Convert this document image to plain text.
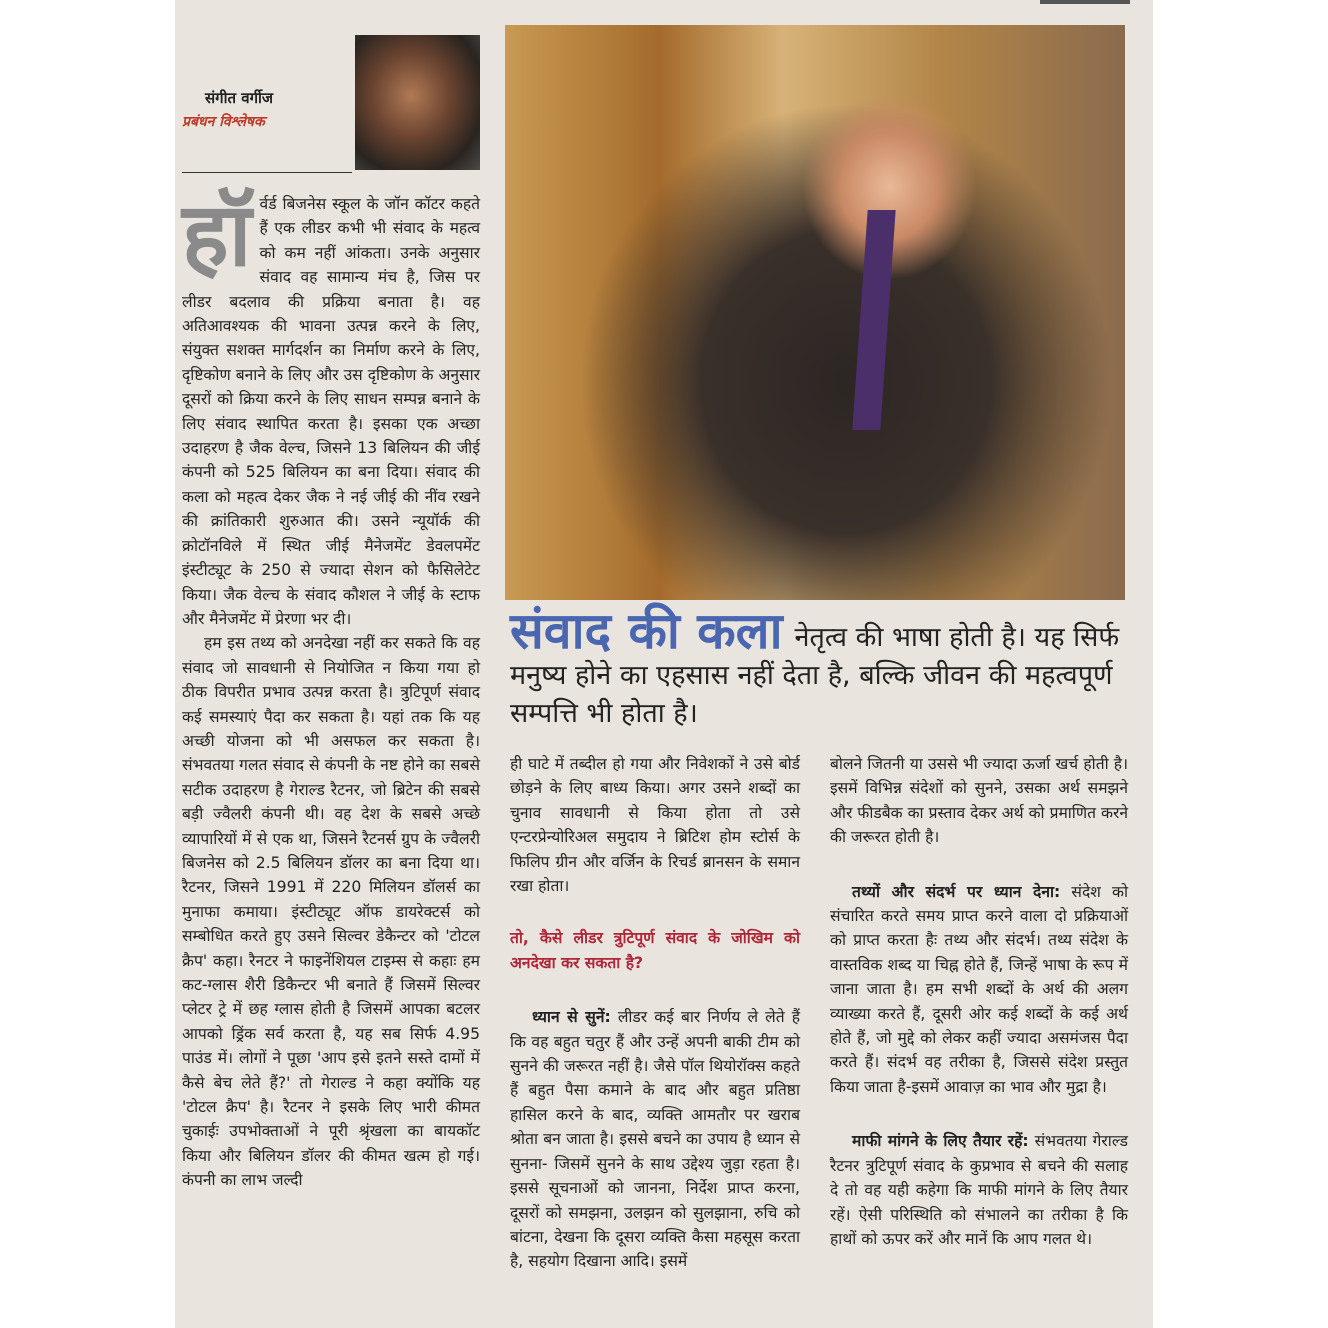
संगीत वर्गीज
प्रबंधन विश्लेषक
संवाद की कला नेतृत्व की भाषा होती है। यह सिर्फ मनुष्य होने का एहसास नहीं देता है, बल्कि जीवन की महत्वपूर्ण सम्पत्ति भी होता है।
हॉ र्वर्ड बिजनेस स्कूल के जॉन कॉटर कहते हैं एक लीडर कभी भी संवाद के महत्व को कम नहीं आंकता। उनके अनुसार संवाद वह सामान्य मंच है, जिस पर लीडर बदलाव की प्रक्रिया बनाता है। वह अतिआवश्यक की भावना उत्पन्न करने के लिए, संयुक्त सशक्त मार्गदर्शन का निर्माण करने के लिए, दृष्टिकोण बनाने के लिए और उस दृष्टिकोण के अनुसार दूसरों को क्रिया करने के लिए साधन सम्पन्न बनाने के लिए संवाद स्थापित करता है। इसका एक अच्छा उदाहरण है जैक वेल्च, जिसने 13 बिलियन की जीई कंपनी को 525 बिलियन का बना दिया। संवाद की कला को महत्व देकर जैक ने नई जीई की नींव रखने की क्रांतिकारी शुरुआत की। उसने न्यूयॉर्क की क्रोटॉनविले में स्थित जीई मैनेजमेंट डेवलपमेंट इंस्टीट्यूट के 250 से ज्यादा सेशन को फैसिलेटेट किया। जैक वेल्च के संवाद कौशल ने जीई के स्टाफ और मैनेजमेंट में प्रेरणा भर दी।

हम इस तथ्य को अनदेखा नहीं कर सकते कि वह संवाद जो सावधानी से नियोजित न किया गया हो ठीक विपरीत प्रभाव उत्पन्न करता है। त्रुटिपूर्ण संवाद कई समस्याएं पैदा कर सकता है। यहां तक कि यह अच्छी योजना को भी असफल कर सकता है। संभवतया गलत संवाद से कंपनी के नष्ट होने का सबसे सटीक उदाहरण है गेराल्ड रैटनर, जो ब्रिटेन की सबसे बड़ी ज्वैलरी कंपनी थी। वह देश के सबसे अच्छे व्यापारियों में से एक था, जिसने रैटनर्स ग्रुप के ज्वैलरी बिजनेस को 2.5 बिलियन डॉलर का बना दिया था। रैटनर, जिसने 1991 में 220 मिलियन डॉलर्स का मुनाफा कमाया। इंस्टीट्यूट ऑफ डायरेक्टर्स को सम्बोधित करते हुए उसने सिल्वर डेकैन्टर को 'टोटल क्रैप' कहा। रैनटर ने फाइनेंशियल टाइम्स से कहाः हम कट-ग्लास शैरी डिकैन्टर भी बनाते हैं जिसमें सिल्वर प्लेटर ट्रे में छह ग्लास होती है जिसमें आपका बटलर आपको ड्रिंक सर्व करता है, यह सब सिर्फ 4.95 पाउंड में। लोगों ने पूछा 'आप इसे इतने सस्ते दामों में कैसे बेच लेते हैं?' तो गेराल्ड ने कहा क्योंकि यह 'टोटल क्रैप' है। रैटनर ने इसके लिए भारी कीमत चुकाईः उपभोक्ताओं ने पूरी श्रृंखला का बायकॉट किया और बिलियन डॉलर की कीमत खत्म हो गई। कंपनी का लाभ जल्दी

ही घाटे में तब्दील हो गया और निवेशकों ने उसे बोर्ड छोड़ने के लिए बाध्य किया। अगर उसने शब्दों का चुनाव सावधानी से किया होता तो उसे एन्टरप्रेन्योरिअल समुदाय ने ब्रिटिश होम स्टोर्स के फिलिप ग्रीन और वर्जिन के रिचर्ड ब्रानसन के समान रखा होता।

तो, कैसे लीडर त्रुटिपूर्ण संवाद के जोखिम को अनदेखा कर सकता है?

ध्यान से सुनें: लीडर कई बार निर्णय ले लेते हैं कि वह बहुत चतुर हैं और उन्हें अपनी बाकी टीम को सुनने की जरूरत नहीं है। जैसे पॉल थियोरॉक्स कहते हैं बहुत पैसा कमाने के बाद और बहुत प्रतिष्ठा हासिल करने के बाद, व्यक्ति आमतौर पर खराब श्रोता बन जाता है। इससे बचने का उपाय है ध्यान से सुनना- जिसमें सुनने के साथ उद्देश्य जुड़ा रहता है। इससे सूचनाओं को जानना, निर्देश प्राप्त करना, दूसरों को समझना, उलझन को सुलझाना, रुचि को बांटना, देखना कि दूसरा व्यक्ति कैसा महसूस करता है, सहयोग दिखाना आदि। इसमें

बोलने जितनी या उससे भी ज्यादा ऊर्जा खर्च होती है। इसमें विभिन्न संदेशों को सुनने, उसका अर्थ समझने और फीडबैक का प्रस्ताव देकर अर्थ को प्रमाणित करने की जरूरत होती है।

तथ्यों और संदर्भ पर ध्यान देना: संदेश को संचारित करते समय प्राप्त करने वाला दो प्रक्रियाओं को प्राप्त करता हैः तथ्य और संदर्भ। तथ्य संदेश के वास्तविक शब्द या चिह्न होते हैं, जिन्हें भाषा के रूप में जाना जाता है। हम सभी शब्दों के अर्थ की अलग व्याख्या करते हैं, दूसरी ओर कई शब्दों के कई अर्थ होते हैं, जो मुद्दे को लेकर कहीं ज्यादा असमंजस पैदा करते हैं। संदर्भ वह तरीका है, जिससे संदेश प्रस्तुत किया जाता है-इसमें आवाज़ का भाव और मुद्रा है।

माफी मांगने के लिए तैयार रहें: संभवतया गेराल्ड रैटनर त्रुटिपूर्ण संवाद के कुप्रभाव से बचने की सलाह दे तो वह यही कहेगा कि माफी मांगने के लिए तैयार रहें। ऐसी परिस्थिति को संभालने का तरीका है कि हाथों को ऊपर करें और मानें कि आप गलत थे।
